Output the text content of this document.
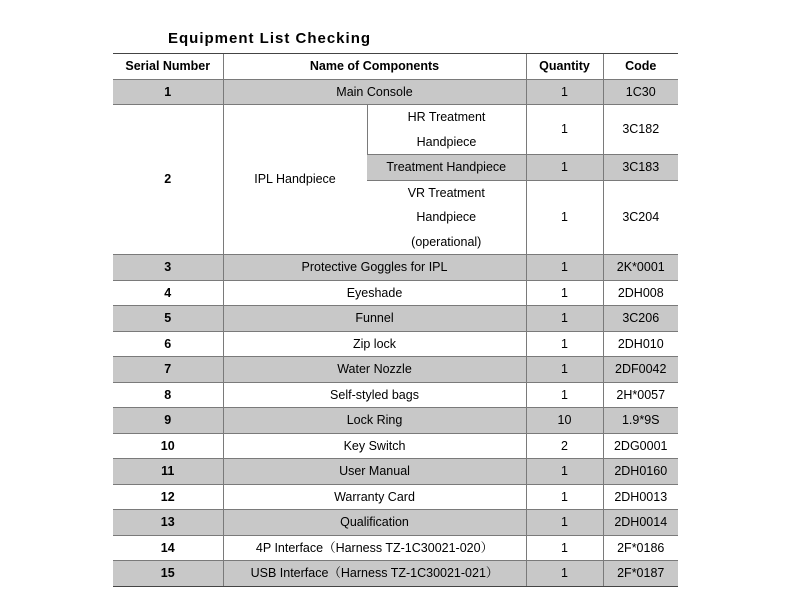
Equipment List Checking
Serial Number	Name of Components		Quantity	Code
1	Main Console		1	1C30
2	IPL Handpiece	HR Treatment
Handpiece	1	3C182
		Treatment Handpiece	1	3C183

		VR Treatment
Handpiece
(operational)	1	3C204
3	Protective Goggles for IPL		1	2K*0001
4	Eyeshade		1	2DH008
5	Funnel		1	3C206
6	Zip lock		1	2DH010
7	Water Nozzle		1	2DF0042
8	Self-styled bags		1	2H*0057
9	Lock Ring		10	1.9*9S
10	Key Switch		2	2DG0001
11	User Manual		1	2DH0160
12	Warranty Card		1	2DH0013
13	Qualification		1	2DH0014
14	4P Interface（Harness TZ-1C30021-020）		1	2F*0186
15	USB Interface（Harness TZ-1C30021-021）		1	2F*0187
